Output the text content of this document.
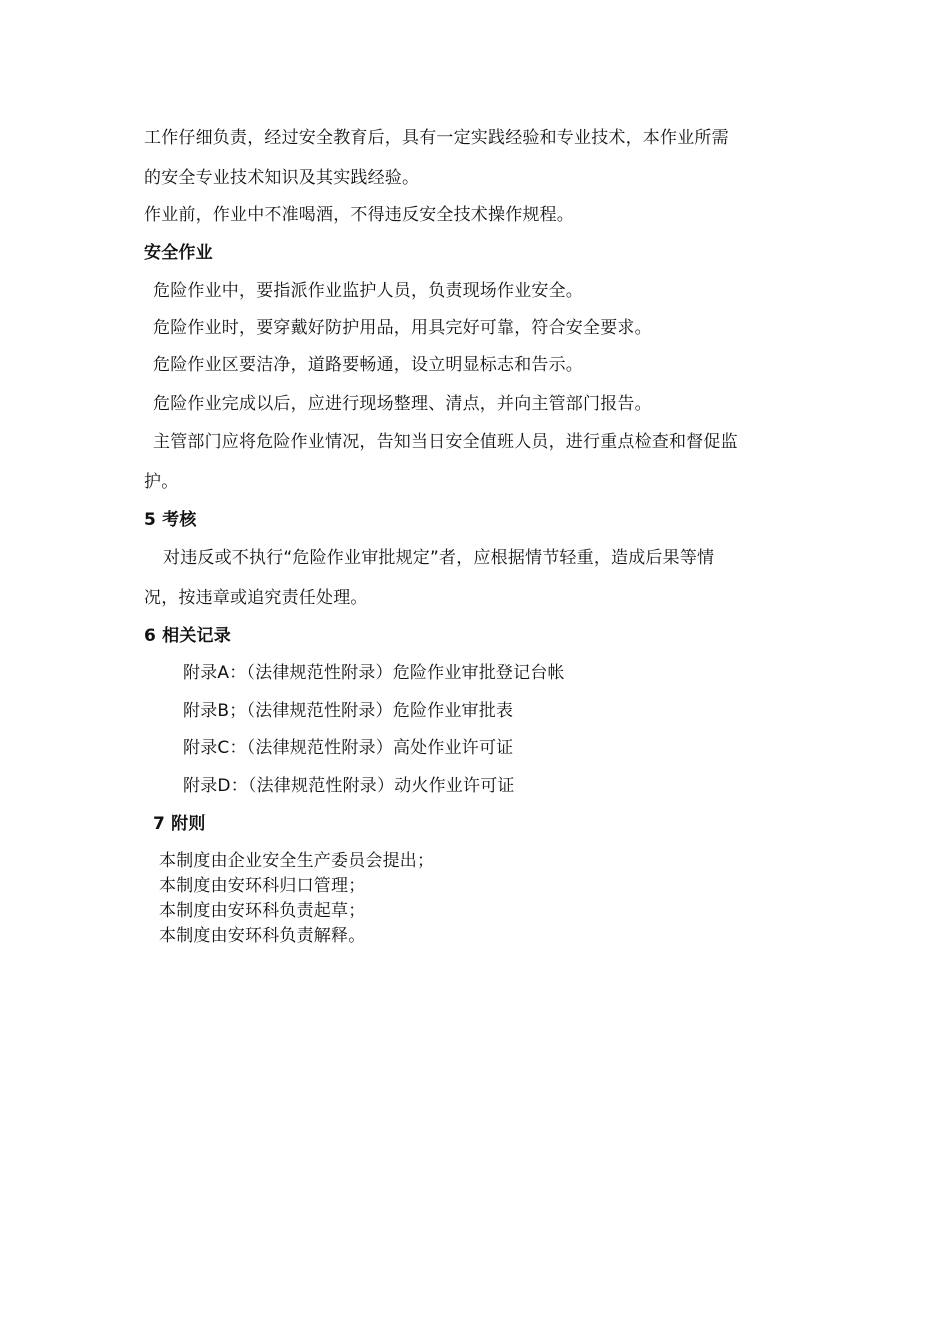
工作仔细负责，经过安全教育后，具有一定实践经验和专业技术，本作业所需
的安全专业技术知识及其实践经验。
作业前，作业中不准喝酒，不得违反安全技术操作规程。
安全作业
危险作业中，要指派作业监护人员，负责现场作业安全。
危险作业时，要穿戴好防护用品，用具完好可靠，符合安全要求。
危险作业区要洁净，道路要畅通，设立明显标志和告示。
危险作业完成以后，应进行现场整理、清点，并向主管部门报告。
主管部门应将危险作业情况，告知当日安全值班人员，进行重点检查和督促监
护。
5 考核
对违反或不执行“危险作业审批规定”者，应根据情节轻重，造成后果等情
况，按违章或追究责任处理。
6 相关记录
附录A：（法律规范性附录）危险作业审批登记台帐
附录B；（法律规范性附录）危险作业审批表
附录C：（法律规范性附录）高处作业许可证
附录D：（法律规范性附录）动火作业许可证
7 附则
本制度由企业安全生产委员会提出；
本制度由安环科归口管理；
本制度由安环科负责起草；
本制度由安环科负责解释。
